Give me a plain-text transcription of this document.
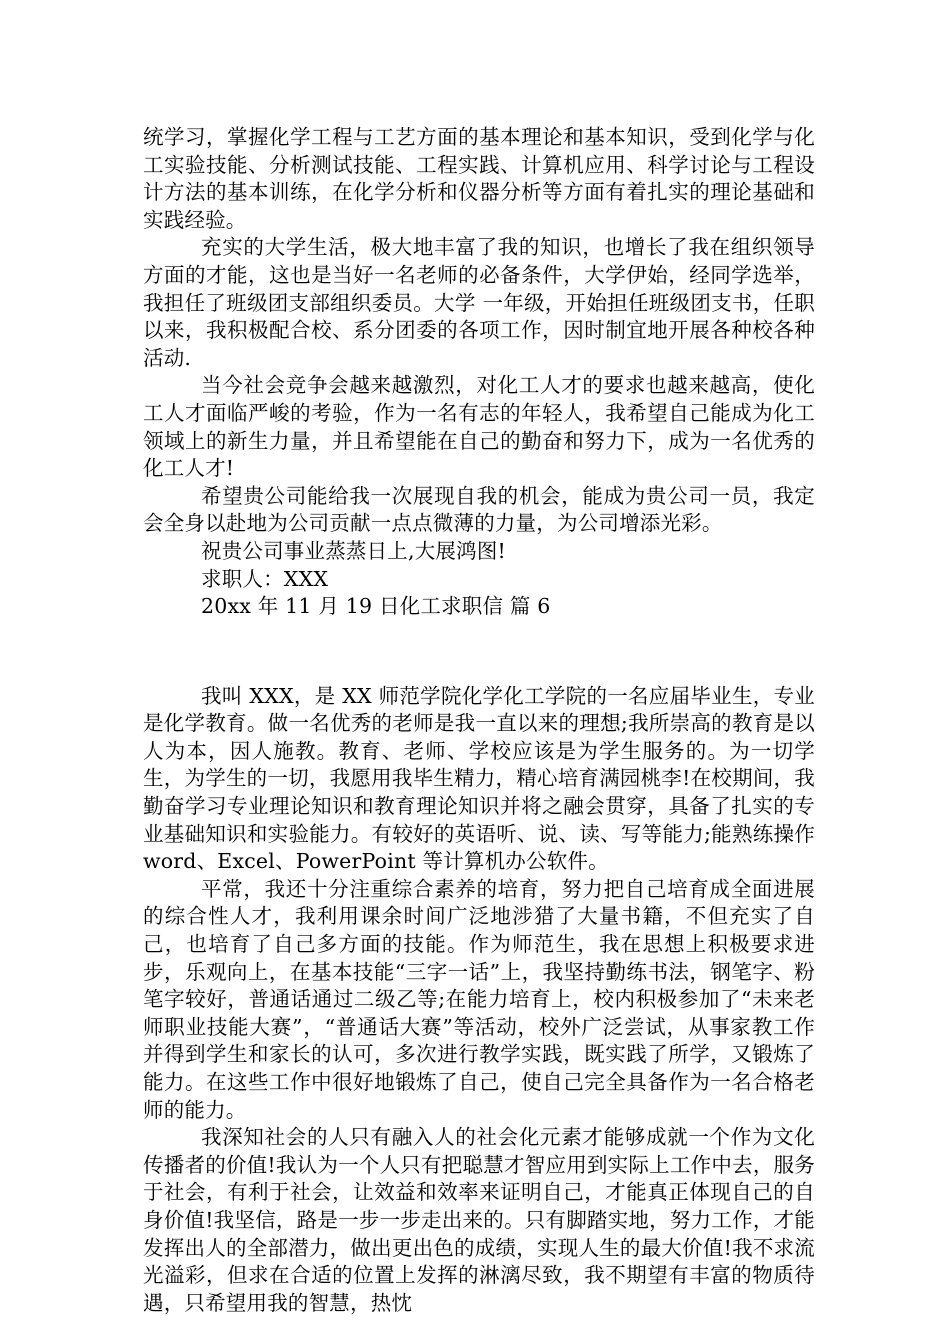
统学习，掌握化学工程与工艺方面的基本理论和基本知识，受到化学与化工实验技能、分析测试技能、工程实践、计算机应用、科学讨论与工程设计方法的基本训练，在化学分析和仪器分析等方面有着扎实的理论基础和实践经验。

充实的大学生活，极大地丰富了我的知识，也增长了我在组织领导方面的才能，这也是当好一名老师的必备条件，大学伊始，经同学选举，我担任了班级团支部组织委员。大学 一年级，开始担任班级团支书，任职以来，我积极配合校、系分团委的各项工作，因时制宜地开展各种校各种活动.

当今社会竞争会越来越激烈，对化工人才的要求也越来越高，使化工人才面临严峻的考验，作为一名有志的年轻人，我希望自己能成为化工领域上的新生力量，并且希望能在自己的勤奋和努力下，成为一名优秀的化工人才!

希望贵公司能给我一次展现自我的机会，能成为贵公司一员，我定会全身以赴地为公司贡献一点点微薄的力量，为公司增添光彩。

祝贵公司事业蒸蒸日上,大展鸿图!

求职人：XXX

20xx 年 11 月 19 日化工求职信 篇 6

我叫 XXX，是 XX 师范学院化学化工学院的一名应届毕业生，专业是化学教育。做一名优秀的老师是我一直以来的理想;我所崇高的教育是以人为本，因人施教。教育、老师、学校应该是为学生服务的。为一切学生，为学生的一切，我愿用我毕生精力，精心培育满园桃李!在校期间，我勤奋学习专业理论知识和教育理论知识并将之融会贯穿，具备了扎实的专业基础知识和实验能力。有较好的英语听、说、读、写等能力;能熟练操作 word、Excel、PowerPoint 等计算机办公软件。

平常，我还十分注重综合素养的培育，努力把自己培育成全面进展的综合性人才，我利用课余时间广泛地涉猎了大量书籍，不但充实了自己，也培育了自己多方面的技能。作为师范生，我在思想上积极要求进步，乐观向上，在基本技能“三字一话”上，我坚持勤练书法，钢笔字、粉笔字较好，普通话通过二级乙等;在能力培育上，校内积极参加了“未来老师职业技能大赛”，“普通话大赛”等活动，校外广泛尝试，从事家教工作并得到学生和家长的认可，多次进行教学实践，既实践了所学，又锻炼了能力。在这些工作中很好地锻炼了自己，使自己完全具备作为一名合格老师的能力。

我深知社会的人只有融入人的社会化元素才能够成就一个作为文化传播者的价值!我认为一个人只有把聪慧才智应用到实际上工作中去，服务于社会，有利于社会，让效益和效率来证明自己，才能真正体现自己的自身价值!我坚信，路是一步一步走出来的。只有脚踏实地，努力工作，才能发挥出人的全部潜力，做出更出色的成绩，实现人生的最大价值!我不求流光溢彩，但求在合适的位置上发挥的淋漓尽致，我不期望有丰富的物质待遇，只希望用我的智慧，热忱
